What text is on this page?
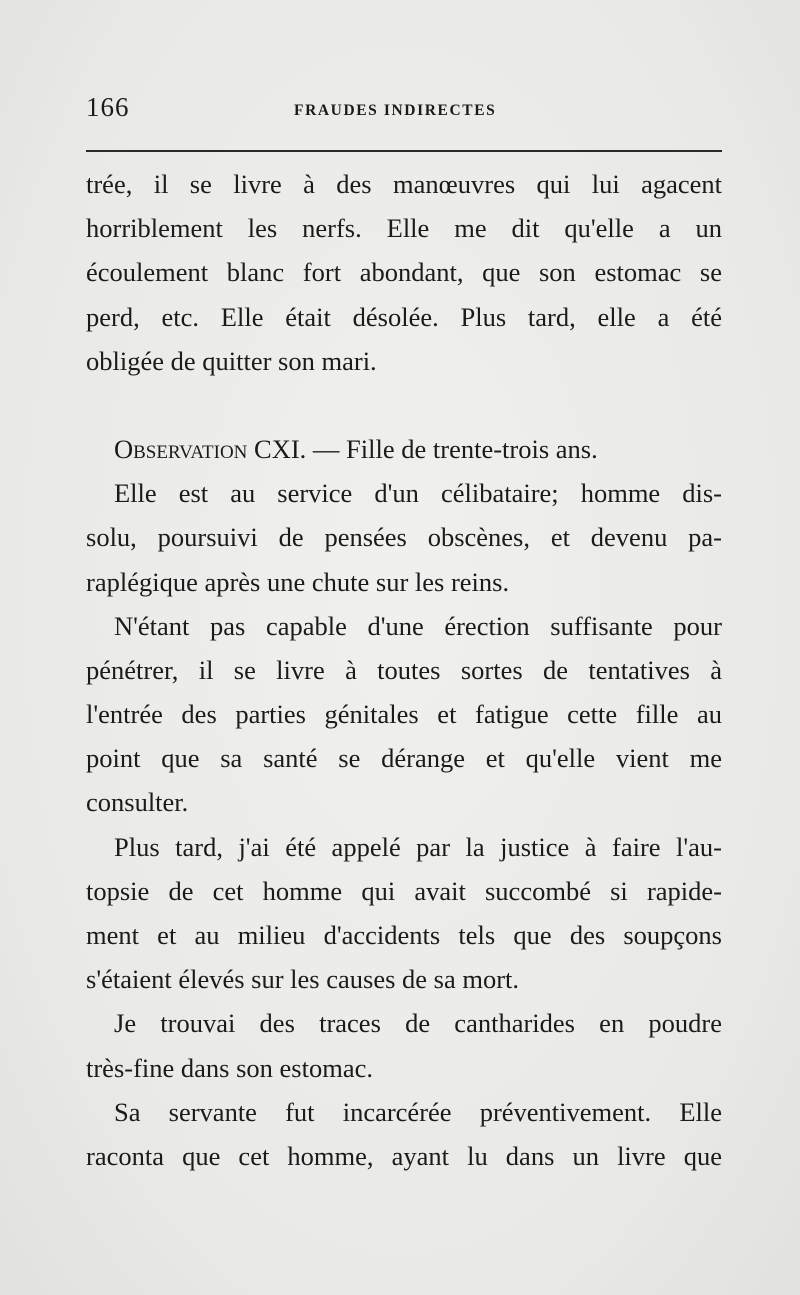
166	FRAUDES INDIRECTES
trée, il se livre à des manœuvres qui lui agacent
horriblement les nerfs. Elle me dit qu'elle a un
écoulement blanc fort abondant, que son estomac se
perd, etc. Elle était désolée. Plus tard, elle a été
obligée de quitter son mari.
Observation CXI. — Fille de trente-trois ans.
Elle est au service d'un célibataire; homme dis-
solu, poursuivi de pensées obscènes, et devenu pa-
raplégique après une chute sur les reins.
N'étant pas capable d'une érection suffisante pour
pénétrer, il se livre à toutes sortes de tentatives à
l'entrée des parties génitales et fatigue cette fille au
point que sa santé se dérange et qu'elle vient me
consulter.
Plus tard, j'ai été appelé par la justice à faire l'au-
topsie de cet homme qui avait succombé si rapide-
ment et au milieu d'accidents tels que des soupçons
s'étaient élevés sur les causes de sa mort.
Je trouvai des traces de cantharides en poudre
très-fine dans son estomac.
Sa servante fut incarcérée préventivement. Elle
raconta que cet homme, ayant lu dans un livre que
